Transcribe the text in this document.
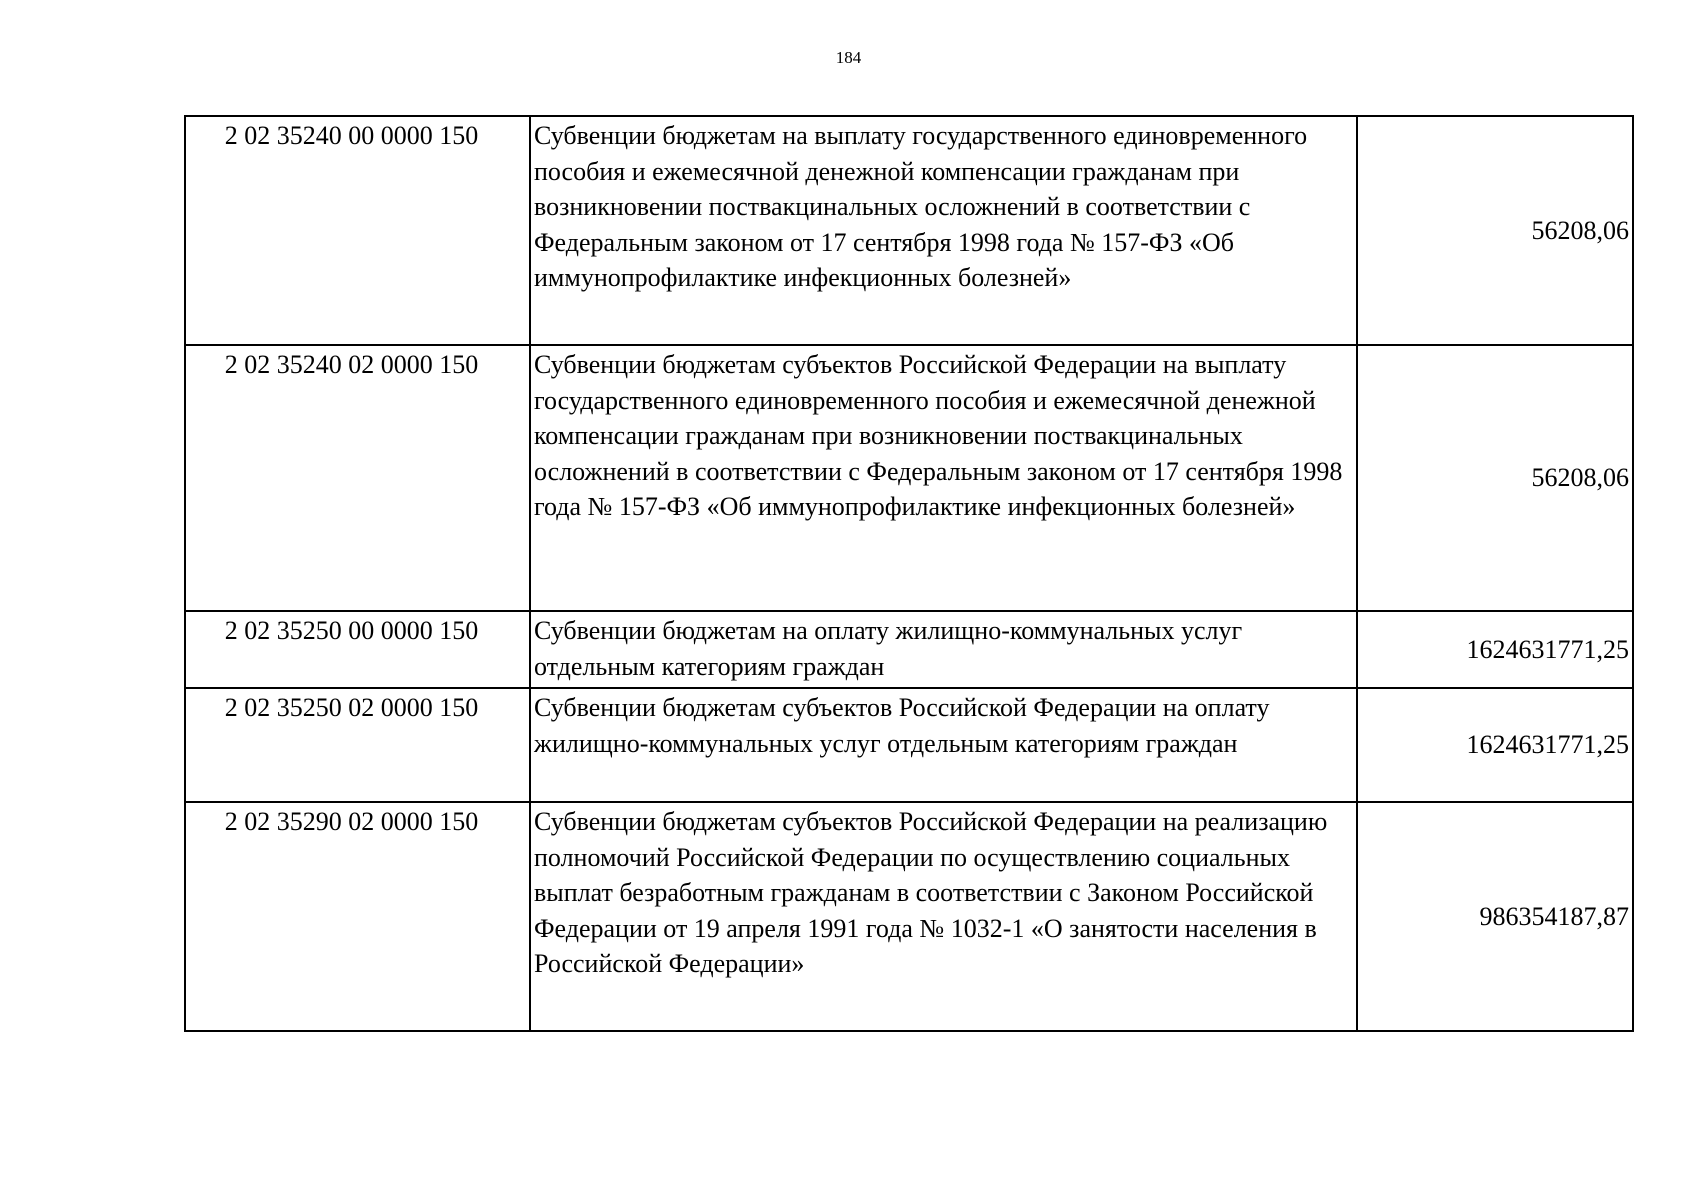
184
2 02 35240 00 0000 150	Субвенции бюджетам на выплату государственного единовременного пособия и ежемесячной денежной компенсации гражданам при возникновении поствакцинальных осложнений в соответствии с Федеральным законом от 17 сентября 1998 года № 157-ФЗ «Об иммунопрофилактике инфекционных болезней»	56208,06
2 02 35240 02 0000 150	Субвенции бюджетам субъектов Российской Федерации на выплату государственного единовременного пособия и ежемесячной денежной компенсации гражданам при возникновении поствакцинальных осложнений в соответствии с Федеральным законом от 17 сентября 1998 года № 157-ФЗ «Об иммунопрофилактике инфекционных болезней»	56208,06
2 02 35250 00 0000 150	Субвенции бюджетам на оплату жилищно-коммунальных услуг отдельным категориям граждан	1624631771,25
2 02 35250 02 0000 150	Субвенции бюджетам субъектов Российской Федерации на оплату жилищно-коммунальных услуг отдельным категориям граждан	1624631771,25
2 02 35290 02 0000 150	Субвенции бюджетам субъектов Российской Федерации на реализацию полномочий Российской Федерации по осуществлению социальных выплат безработным гражданам в соответствии с Законом Российской Федерации от 19 апреля 1991 года № 1032-1 «О занятости населения в Российской Федерации»	986354187,87
